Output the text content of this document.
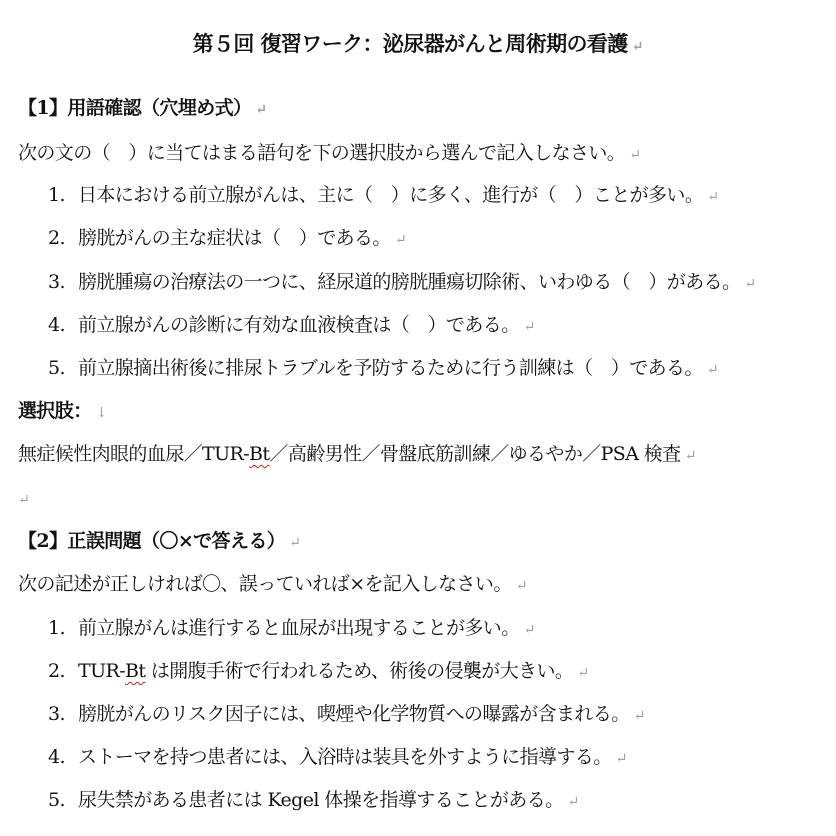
第５回 復習ワーク：泌尿器がんと周術期の看護 ↵
【1】用語確認（穴埋め式） ↵
次の文の（　）に当てはまる語句を下の選択肢から選んで記入しなさい。 ↵
1. 日本における前立腺がんは、主に（　）に多く、進行が（　）ことが多い。 ↵
2. 膀胱がんの主な症状は（　）である。 ↵
3. 膀胱腫瘍の治療法の一つに、経尿道的膀胱腫瘍切除術、いわゆる（　）がある。 ↵
4. 前立腺がんの診断に有効な血液検査は（　）である。 ↵
5. 前立腺摘出術後に排尿トラブルを予防するために行う訓練は（　）である。 ↵
選択肢： ↓
無症候性肉眼的血尿／TUR-Bt／高齢男性／骨盤底筋訓練／ゆるやか／PSA 検査 ↵
↵
【2】正誤問題（〇×で答える） ↵
次の記述が正しければ〇、誤っていれば×を記入しなさい。 ↵
1. 前立腺がんは進行すると血尿が出現することが多い。 ↵
2. TUR-Bt は開腹手術で行われるため、術後の侵襲が大きい。 ↵
3. 膀胱がんのリスク因子には、喫煙や化学物質への曝露が含まれる。 ↵
4. ストーマを持つ患者には、入浴時は装具を外すように指導する。 ↵
5. 尿失禁がある患者には Kegel 体操を指導することがある。 ↵
